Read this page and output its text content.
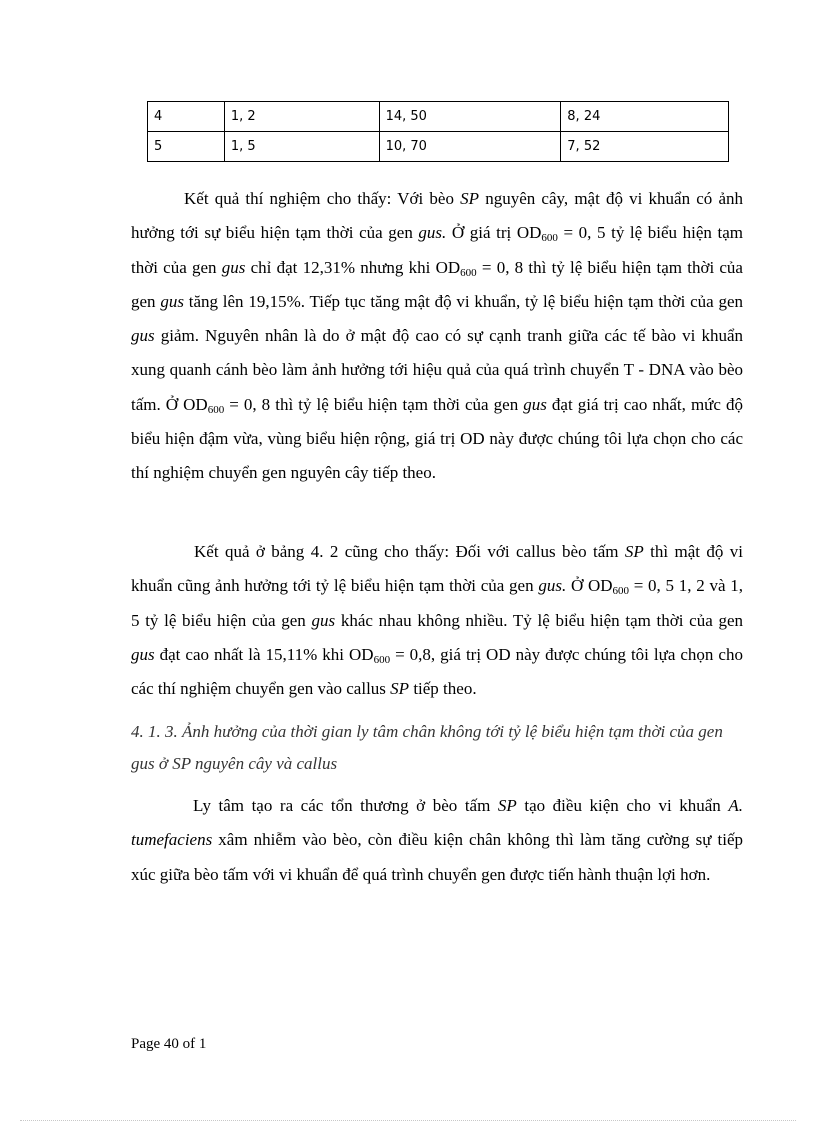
4	1, 2	14, 50	8, 24
5	1, 5	10, 70	7, 52

Kết quả thí nghiệm cho thấy: Với bèo SP nguyên cây, mật độ vi khuẩn có ảnh hưởng tới sự biểu hiện tạm thời của gen gus. Ở giá trị $OD_{600} = 0$, 5 tỷ lệ biểu hiện tạm thời của gen gus chỉ đạt 12,31% nhưng khi $OD_{600} = 0$, 8 thì tỷ lệ biểu hiện tạm thời của gen gus tăng lên 19,15%. Tiếp tục tăng mật độ vi khuẩn, tỷ lệ biểu hiện tạm thời của gen gus giảm. Nguyên nhân là do ở mật độ cao có sự cạnh tranh giữa các tế bào vi khuẩn xung quanh cánh bèo làm ảnh hưởng tới hiệu quả của quá trình chuyển T - DNA vào bèo tấm. Ở $OD_{600} = 0$, 8 thì tỷ lệ biểu hiện tạm thời của gen gus đạt giá trị cao nhất, mức độ biểu hiện đậm vừa, vùng biểu hiện rộng, giá trị OD này được chúng tôi lựa chọn cho các thí nghiệm chuyển gen nguyên cây tiếp theo.

Kết quả ở bảng 4. 2 cũng cho thấy: Đối với callus bèo tấm SP thì mật độ vi khuẩn cũng ảnh hưởng tới tỷ lệ biểu hiện tạm thời của gen gus. Ở $OD_{600} = 0$, 5 1, 2 và 1, 5 tỷ lệ biểu hiện của gen gus khác nhau không nhiều. Tỷ lệ biểu hiện tạm thời của gen gus đạt cao nhất là 15,11% khi $OD_{600} = 0,8$, giá trị OD này được chúng tôi lựa chọn cho các thí nghiệm chuyển gen vào callus SP tiếp theo.

4. 1. 3. Ảnh hưởng của thời gian ly tâm chân không tới tỷ lệ biểu hiện tạm thời của gen gus ở SP nguyên cây và callus

Ly tâm tạo ra các tổn thương ở bèo tấm SP tạo điều kiện cho vi khuẩn A. tumefaciens xâm nhiễm vào bèo, còn điều kiện chân không thì làm tăng cường sự tiếp xúc giữa bèo tấm với vi khuẩn để quá trình chuyển gen được tiến hành thuận lợi hơn.

Page 40 of 1
